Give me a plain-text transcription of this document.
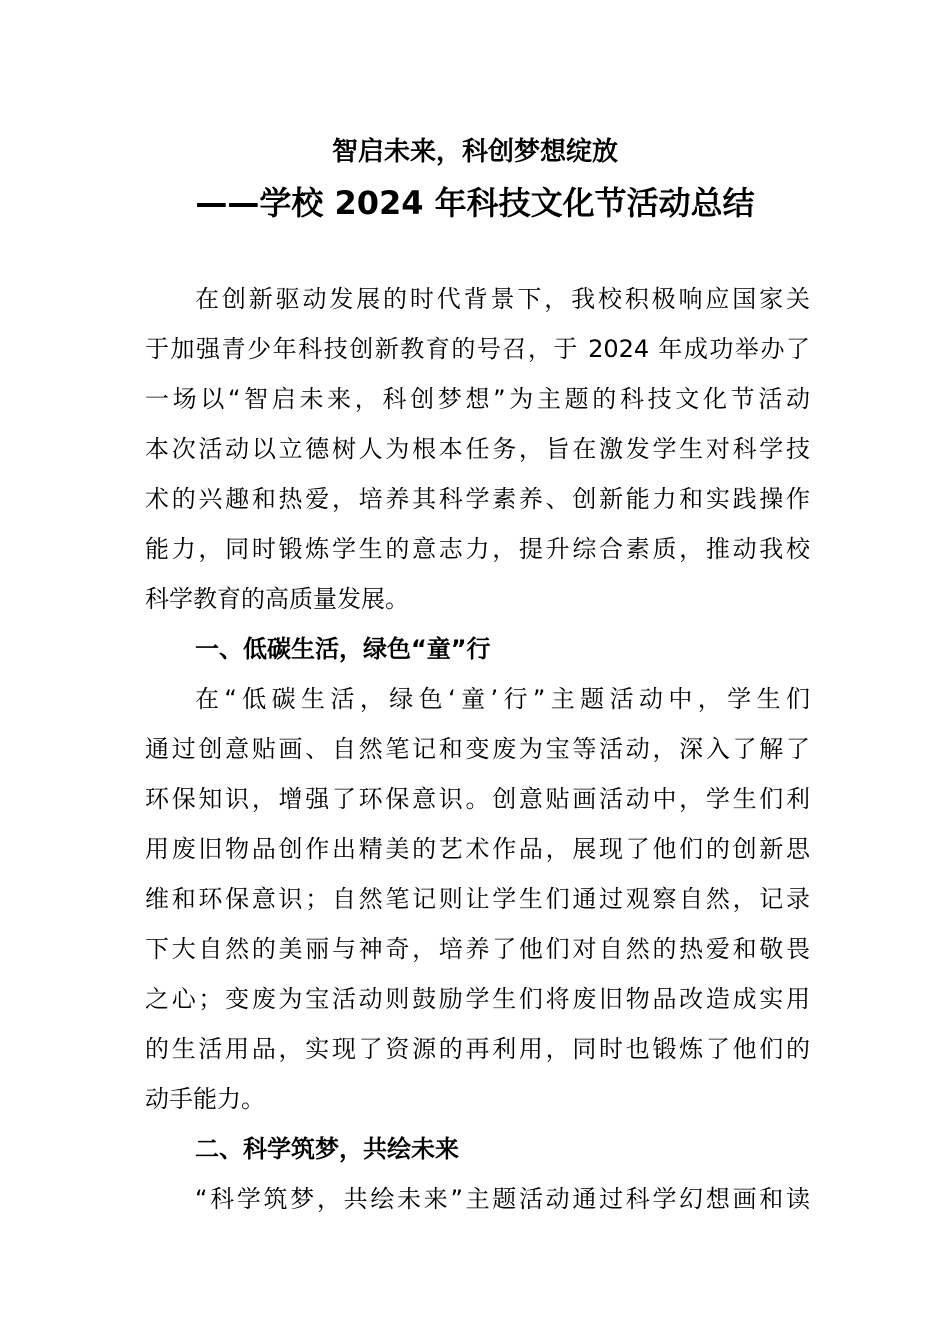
智启未来，科创梦想绽放
——学校 2024 年科技文化节活动总结
在创新驱动发展的时代背景下，我校积极响应国家关
于加强青少年科技创新教育的号召，于 2024 年成功举办了
一场以“智启未来，科创梦想”为主题的科技文化节活动
本次活动以立德树人为根本任务，旨在激发学生对科学技
术的兴趣和热爱，培养其科学素养、创新能力和实践操作
能力，同时锻炼学生的意志力，提升综合素质，推动我校
科学教育的高质量发展。
一、低碳生活，绿色“童”行
在“低碳生活，绿色‘童’行”主题活动中，学生们
通过创意贴画、自然笔记和变废为宝等活动，深入了解了
环保知识，增强了环保意识。创意贴画活动中，学生们利
用废旧物品创作出精美的艺术作品，展现了他们的创新思
维和环保意识；自然笔记则让学生们通过观察自然，记录
下大自然的美丽与神奇，培养了他们对自然的热爱和敬畏
之心；变废为宝活动则鼓励学生们将废旧物品改造成实用
的生活用品，实现了资源的再利用，同时也锻炼了他们的
动手能力。
二、科学筑梦，共绘未来
“科学筑梦，共绘未来”主题活动通过科学幻想画和读
